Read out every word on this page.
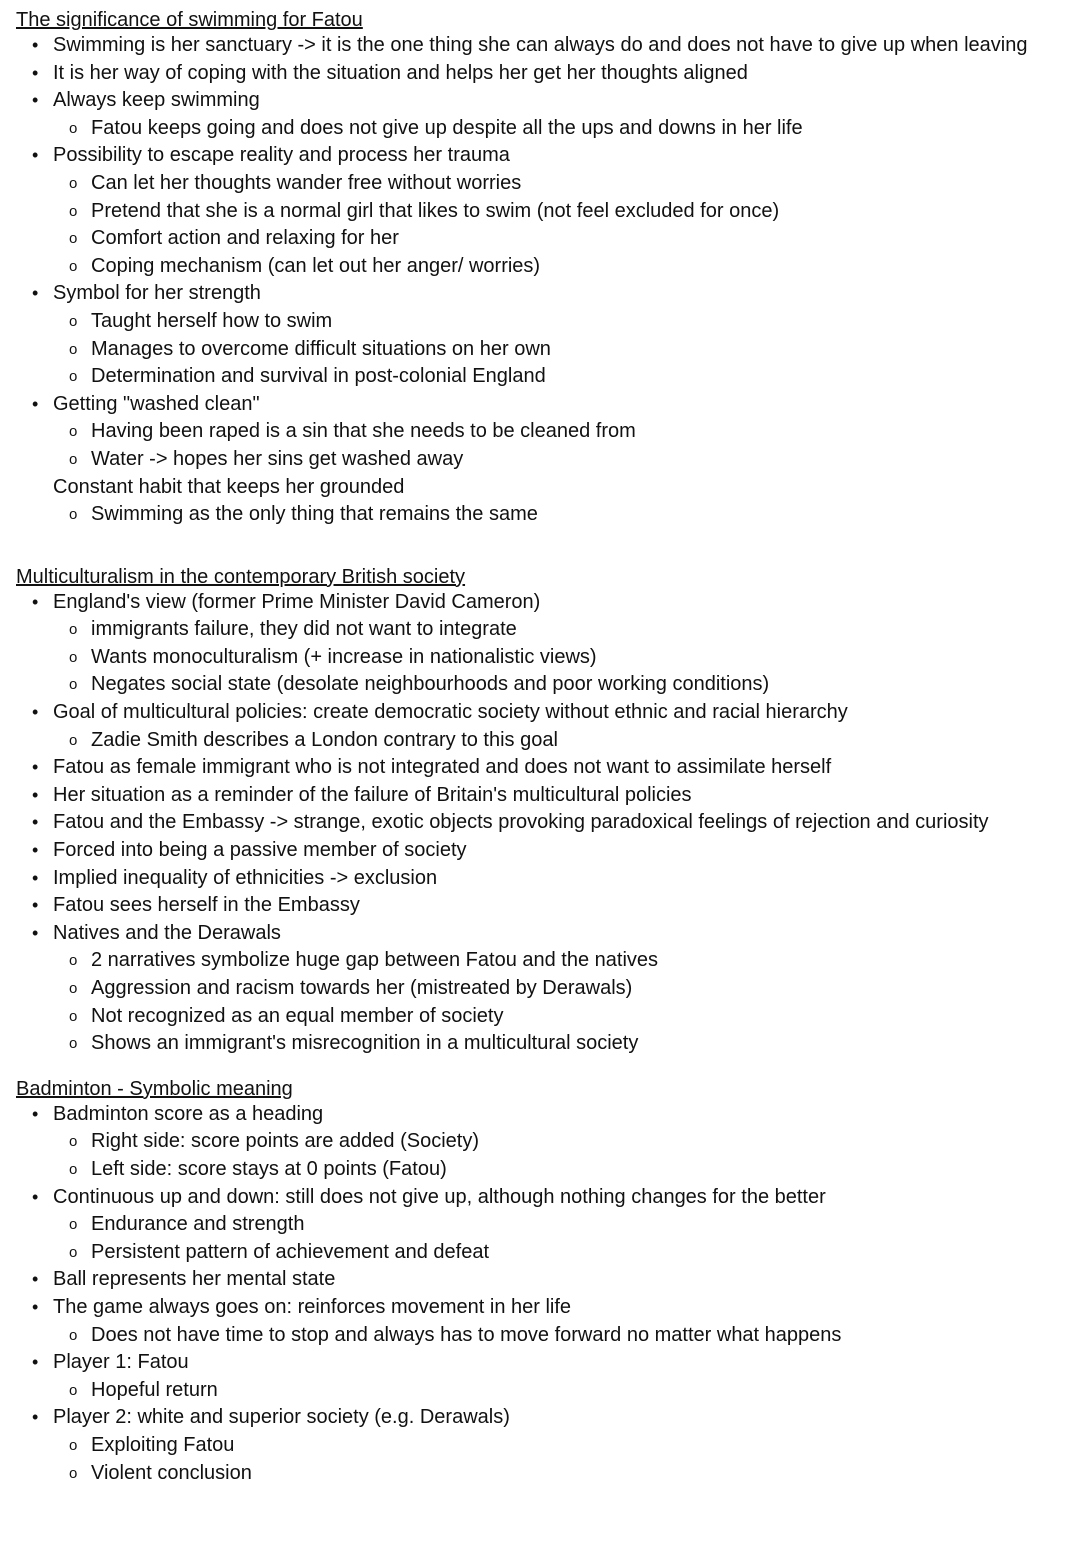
The significance of swimming for Fatou
• Swimming is her sanctuary -> it is the one thing she can always do and does not have to give up when leaving
• It is her way of coping with the situation and helps her get her thoughts aligned
• Always keep swimming
o Fatou keeps going and does not give up despite all the ups and downs in her life
• Possibility to escape reality and process her trauma
o Can let her thoughts wander free without worries
o Pretend that she is a normal girl that likes to swim (not feel excluded for once)
o Comfort action and relaxing for her
o Coping mechanism (can let out her anger/ worries)
• Symbol for her strength
o Taught herself how to swim
o Manages to overcome difficult situations on her own
o Determination and survival in post-colonial England
• Getting "washed clean"
o Having been raped is a sin that she needs to be cleaned from
o Water -> hopes her sins get washed away
Constant habit that keeps her grounded
o Swimming as the only thing that remains the same
Multiculturalism in the contemporary British society
• England's view (former Prime Minister David Cameron)
o immigrants failure, they did not want to integrate
o Wants monoculturalism (+ increase in nationalistic views)
o Negates social state (desolate neighbourhoods and poor working conditions)
• Goal of multicultural policies: create democratic society without ethnic and racial hierarchy
o Zadie Smith describes a London contrary to this goal
• Fatou as female immigrant who is not integrated and does not want to assimilate herself
• Her situation as a reminder of the failure of Britain's multicultural policies
• Fatou and the Embassy -> strange, exotic objects provoking paradoxical feelings of rejection and curiosity
• Forced into being a passive member of society
• Implied inequality of ethnicities -> exclusion
• Fatou sees herself in the Embassy
• Natives and the Derawals
o 2 narratives symbolize huge gap between Fatou and the natives
o Aggression and racism towards her (mistreated by Derawals)
o Not recognized as an equal member of society
o Shows an immigrant's misrecognition in a multicultural society
Badminton - Symbolic meaning
• Badminton score as a heading
o Right side: score points are added (Society)
o Left side: score stays at 0 points (Fatou)
• Continuous up and down: still does not give up, although nothing changes for the better
o Endurance and strength
o Persistent pattern of achievement and defeat
• Ball represents her mental state
• The game always goes on: reinforces movement in her life
o Does not have time to stop and always has to move forward no matter what happens
• Player 1: Fatou
o Hopeful return
• Player 2: white and superior society (e.g. Derawals)
o Exploiting Fatou
o Violent conclusion
